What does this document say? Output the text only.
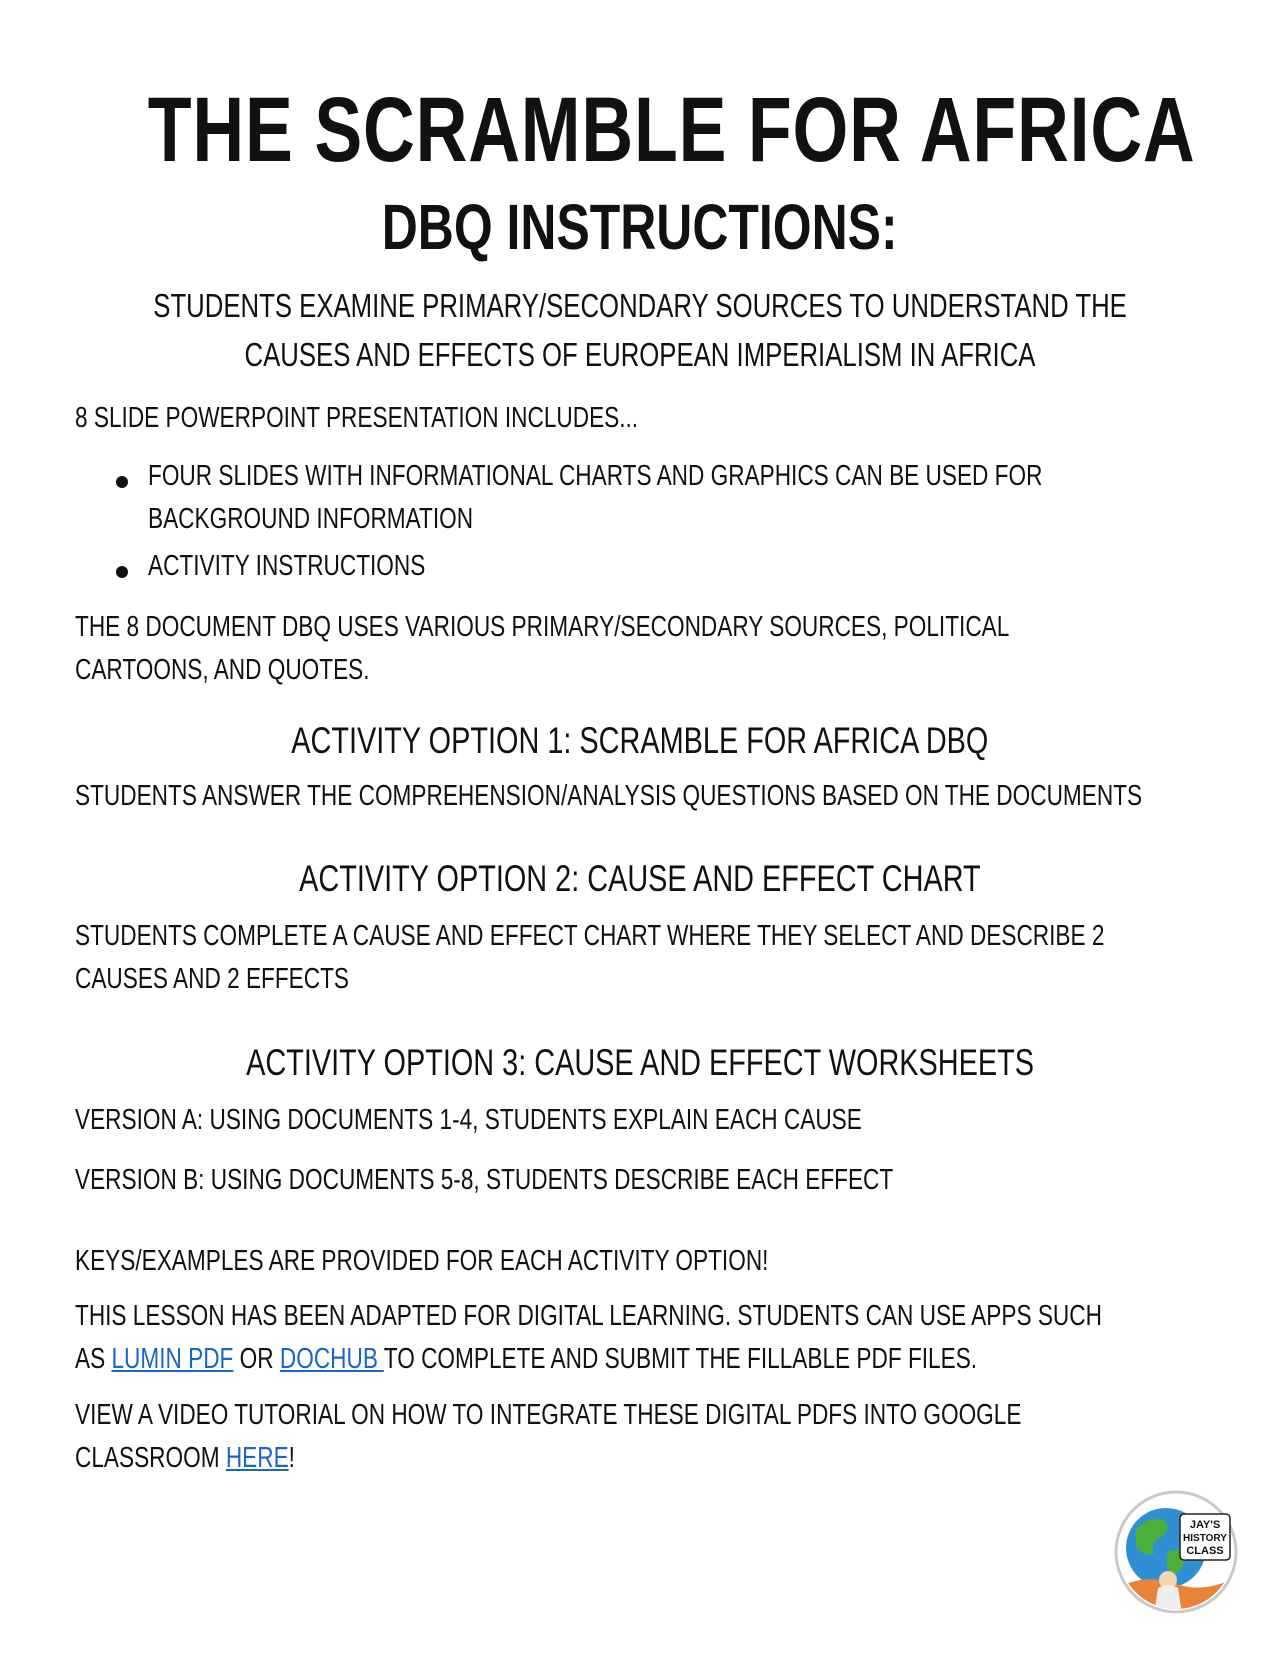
THE SCRAMBLE FOR AFRICA
DBQ INSTRUCTIONS:
STUDENTS EXAMINE PRIMARY/SECONDARY SOURCES TO UNDERSTAND THE
CAUSES AND EFFECTS OF EUROPEAN IMPERIALISM IN AFRICA
8 SLIDE POWERPOINT PRESENTATION INCLUDES...
FOUR SLIDES WITH INFORMATIONAL CHARTS AND GRAPHICS CAN BE USED FOR
BACKGROUND INFORMATION
ACTIVITY INSTRUCTIONS
THE 8 DOCUMENT DBQ USES VARIOUS PRIMARY/SECONDARY SOURCES, POLITICAL
CARTOONS, AND QUOTES.
ACTIVITY OPTION 1: SCRAMBLE FOR AFRICA DBQ
STUDENTS ANSWER THE COMPREHENSION/ANALYSIS QUESTIONS BASED ON THE DOCUMENTS
ACTIVITY OPTION 2: CAUSE AND EFFECT CHART
STUDENTS COMPLETE A CAUSE AND EFFECT CHART WHERE THEY SELECT AND DESCRIBE 2
CAUSES AND 2 EFFECTS
ACTIVITY OPTION 3: CAUSE AND EFFECT WORKSHEETS
VERSION A: USING DOCUMENTS 1-4, STUDENTS EXPLAIN EACH CAUSE
VERSION B: USING DOCUMENTS 5-8, STUDENTS DESCRIBE EACH EFFECT
KEYS/EXAMPLES ARE PROVIDED FOR EACH ACTIVITY OPTION!
THIS LESSON HAS BEEN ADAPTED FOR DIGITAL LEARNING. STUDENTS CAN USE APPS SUCH
AS LUMIN PDF OR DOCHUB TO COMPLETE AND SUBMIT THE FILLABLE PDF FILES.
VIEW A VIDEO TUTORIAL ON HOW TO INTEGRATE THESE DIGITAL PDFS INTO GOOGLE
CLASSROOM HERE!
JAY'S
HISTORY
CLASS
